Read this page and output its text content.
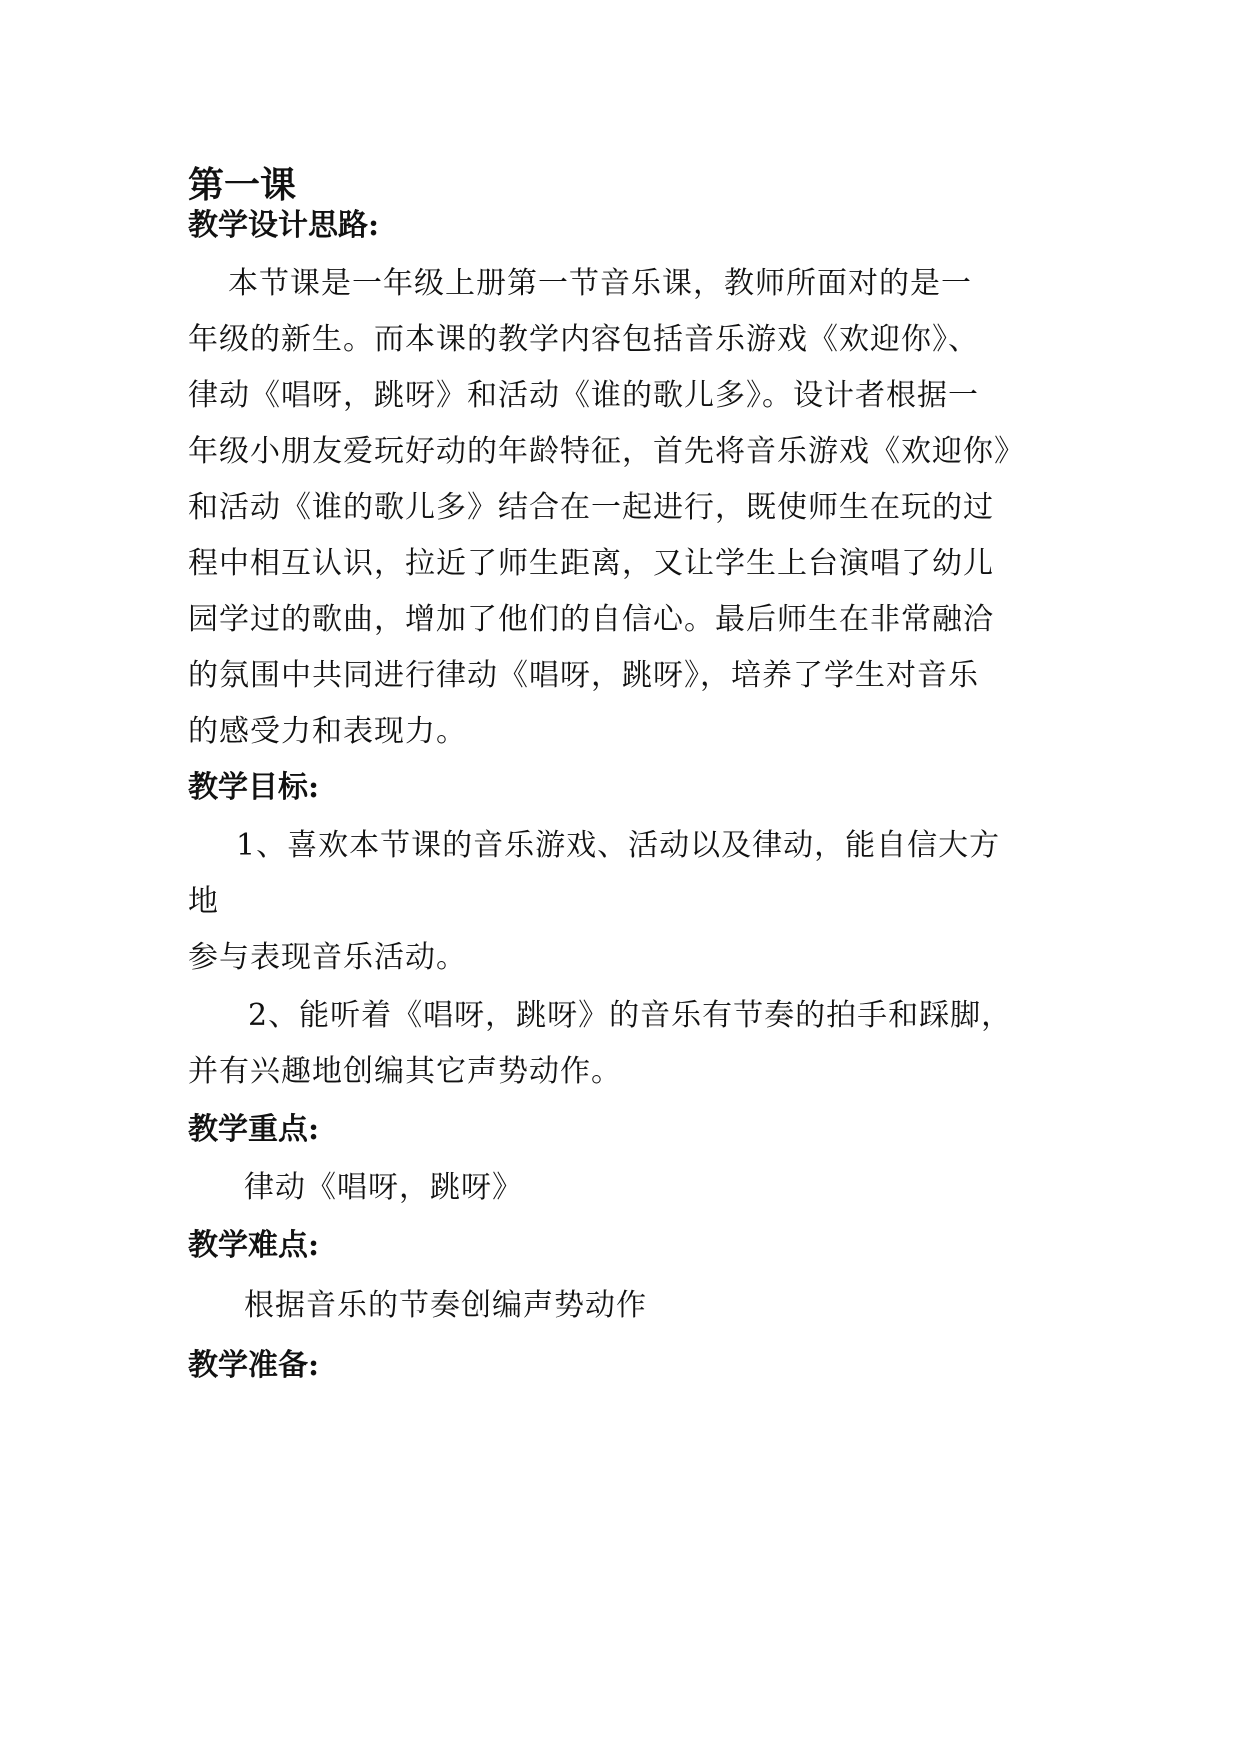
第一课
教学设计思路:

本节课是一年级上册第一节音乐课，教师所面对的是一

年级的新生。而本课的教学内容包括音乐游戏《欢迎你》、

律动《唱呀，跳呀》和活动《谁的歌儿多》。设计者根据一

年级小朋友爱玩好动的年龄特征，首先将音乐游戏《欢迎你》

和活动《谁的歌儿多》结合在一起进行，既使师生在玩的过

程中相互认识，拉近了师生距离，又让学生上台演唱了幼儿

园学过的歌曲，增加了他们的自信心。最后师生在非常融洽

的氛围中共同进行律动《唱呀，跳呀》，培养了学生对音乐

的感受力和表现力。

教学目标:

1、喜欢本节课的音乐游戏、活动以及律动，能自信大方

地

参与表现音乐活动。

2、能听着《唱呀，跳呀》的音乐有节奏的拍手和踩脚，

并有兴趣地创编其它声势动作。

教学重点:

律动《唱呀，跳呀》

教学难点:

根据音乐的节奏创编声势动作

教学准备:
